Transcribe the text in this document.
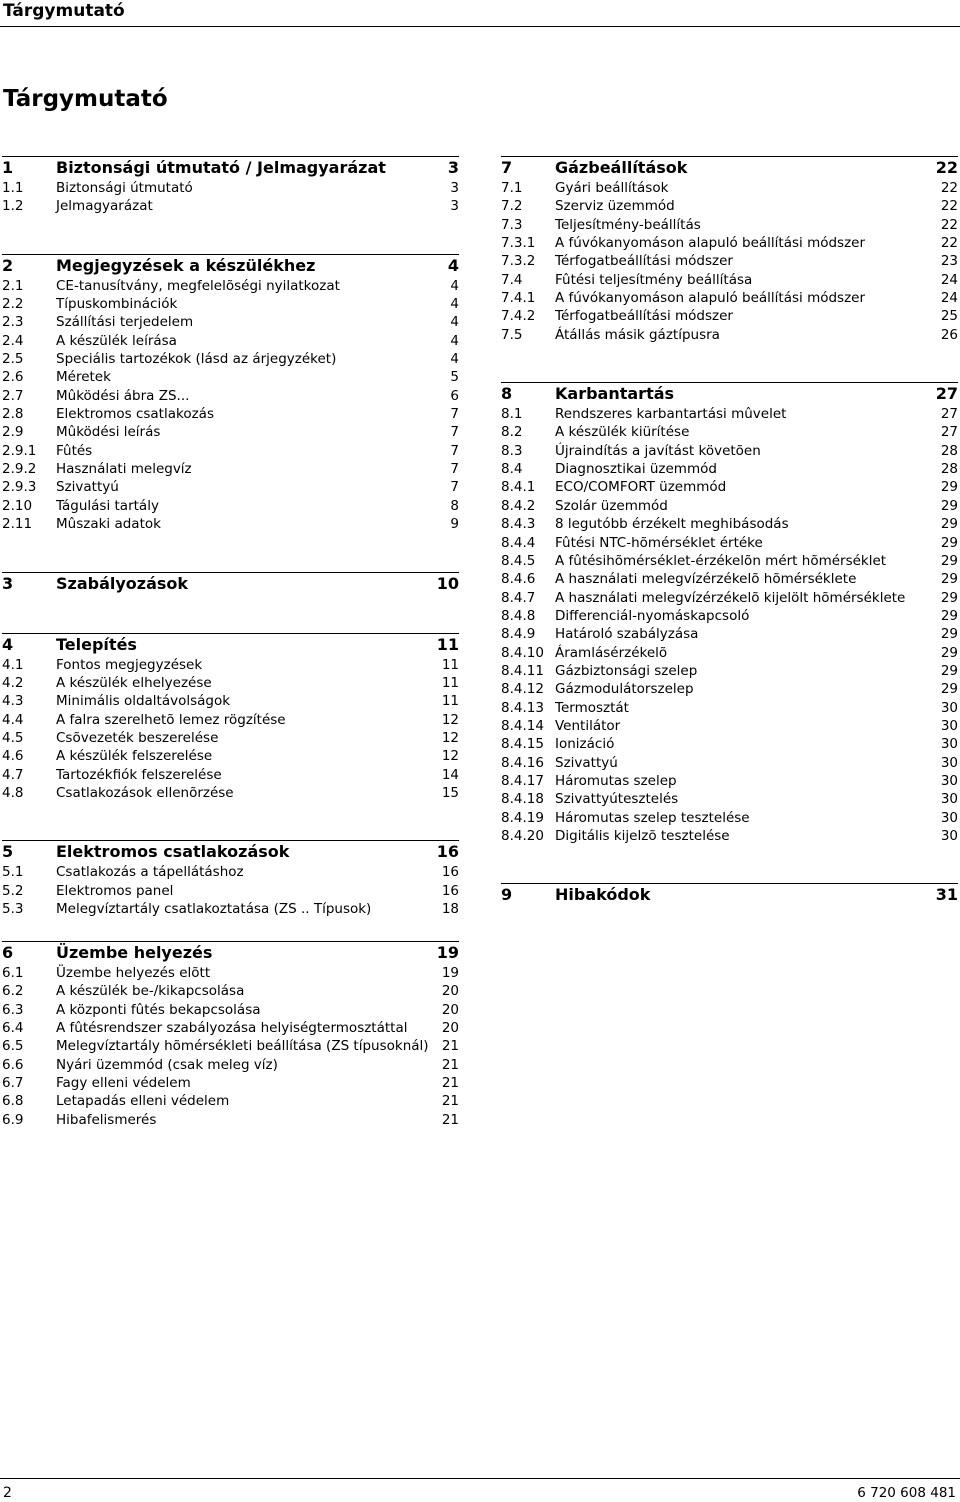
Tárgymutató
Tárgymutató
1	Biztonsági útmutató / Jelmagyarázat	3
1.1 Biztonsági útmutató	3
1.2 Jelmagyarázat	3
2	Megjegyzések a készülékhez	4
2.1 CE-tanusítvány, megfelelõségi nyilatkozat	4
2.2 Típuskombinációk	4
2.3 Szállítási terjedelem	4
2.4 A készülék leírása	4
2.5 Speciális tartozékok (lásd az árjegyzéket)	4
2.6 Méretek	5
2.7 Mûködési ábra ZS...	6
2.8 Elektromos csatlakozás	7
2.9 Mûködési leírás	7
2.9.1 Fûtés	7
2.9.2 Használati melegvíz	7
2.9.3 Szivattyú	7
2.10 Tágulási tartály	8
2.11 Mûszaki adatok	9
3	Szabályozások	10
4	Telepítés	11
4.1 Fontos megjegyzések	11
4.2 A készülék elhelyezése	11
4.3 Minimális oldaltávolságok	11
4.4 A falra szerelhetõ lemez rögzítése	12
4.5 Csõvezeték beszerelése	12
4.6 A készülék felszerelése	12
4.7 Tartozékfiók felszerelése	14
4.8 Csatlakozások ellenõrzése	15
5	Elektromos csatlakozások	16
5.1 Csatlakozás a tápellátáshoz	16
5.2 Elektromos panel	16
5.3 Melegvíztartály csatlakoztatása (ZS .. Típusok)	18
7	Gázbeállítások	22
7.1 Gyári beállítások	22
7.2 Szerviz üzemmód	22
7.3 Teljesítmény-beállítás	22
7.3.1 A fúvókanyomáson alapuló beállítási módszer	22
7.3.2 Térfogatbeállítási módszer	23
7.4 Fûtési teljesítmény beállítása	24
7.4.1 A fúvókanyomáson alapuló beállítási módszer	24
7.4.2 Térfogatbeállítási módszer	25
7.5 Átállás másik gáztípusra	26
8	Karbantartás	27
8.1 Rendszeres karbantartási mûvelet	27
8.2 A készülék kiürítése	27
8.3 Újraindítás a javítást követõen	28
8.4 Diagnosztikai üzemmód	28
8.4.1 ECO/COMFORT üzemmód	29
8.4.2 Szolár üzemmód	29
8.4.3 8 legutóbb érzékelt meghibásodás	29
8.4.4 Fûtési NTC-hõmérséklet értéke	29
8.4.5 A fûtésihõmérséklet-érzékelõn mért hõmérséklet	29
8.4.6 A használati melegvízérzékelõ hõmérséklete	29
8.4.7 A használati melegvízérzékelõ kijelölt hõmérséklete	29
8.4.8 Differenciál-nyomáskapcsoló	29
8.4.9 Határoló szabályzása	29
8.4.10 Áramlásérzékelõ	29
8.4.11 Gázbiztonsági szelep	29
8.4.12 Gázmodulátorszelep	29
8.4.13 Termosztát	30
8.4.14 Ventilátor	30
8.4.15 Ionizáció	30
8.4.16 Szivattyú	30
8.4.17 Háromutas szelep	30
8.4.18 Szivattyútesztelés	30
8.4.19 Háromutas szelep tesztelése	30
8.4.20 Digitális kijelzõ tesztelése	30
9	Hibakódok	31
6	Üzembe helyezés	19
6.1 Üzembe helyezés elõtt	19
6.2 A készülék be-/kikapcsolása	20
6.3 A központi fûtés bekapcsolása	20
6.4 A fûtésrendszer szabályozása helyiségtermosztáttal	20
6.5 Melegvíztartály hõmérsékleti beállítása (ZS típusoknál) 21
6.6 Nyári üzemmód (csak meleg víz)	21
6.7 Fagy elleni védelem	21
6.8 Letapadás elleni védelem	21
6.9 Hibafelismerés	21
2	6 720 608 481
